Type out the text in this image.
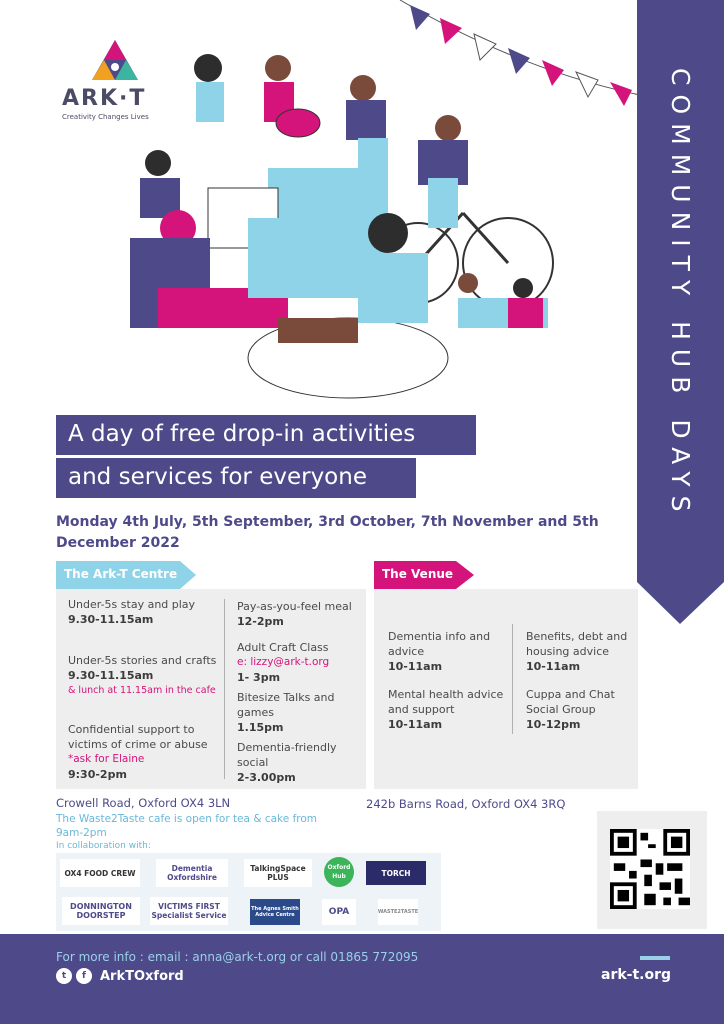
ARK·T
Creativity Changes Lives	COMMUNITY HUB DAYS
A day of free drop-in activities
and services for everyone
Monday 4th July, 5th September, 3rd October, 7th November and 5th December 2022
The Ark-T Centre	The Venue
Under-5s stay and play
9.30-11.15am
Under-5s stories and crafts
9.30-11.15am
& lunch at 11.15am in the cafe
Confidential support to victims of crime or abuse
*ask for Elaine
9:30-2pm
Pay-as-you-feel meal
12-2pm
Adult Craft Class
e: lizzy@ark-t.org
1- 3pm
Bitesize Talks and games
1.15pm
Dementia-friendly social
2-3.00pm
Dementia info and advice
10-11am
Benefits, debt and housing advice
10-11am
Mental health advice and support
10-11am
Cuppa and Chat Social Group
10-12pm
Crowell Road, Oxford OX4 3LN	242b Barns Road, Oxford OX4 3RQ
The Waste2Taste cafe is open for tea & cake from 9am-2pm
In collaboration with:
OX4 FOOD CREW	Dementia Oxfordshire
TalkingSpace PLUS
Oxford Hub	TORCH
DONNINGTON DOORSTEP
VICTIMS FIRST Specialist Service
The Agnes Smith Advice Centre	OPA	WASTE2TASTE
For more info : email : anna@ark-t.org or call 01865 772095
t	f	ArkTOxford	ark-t.org
